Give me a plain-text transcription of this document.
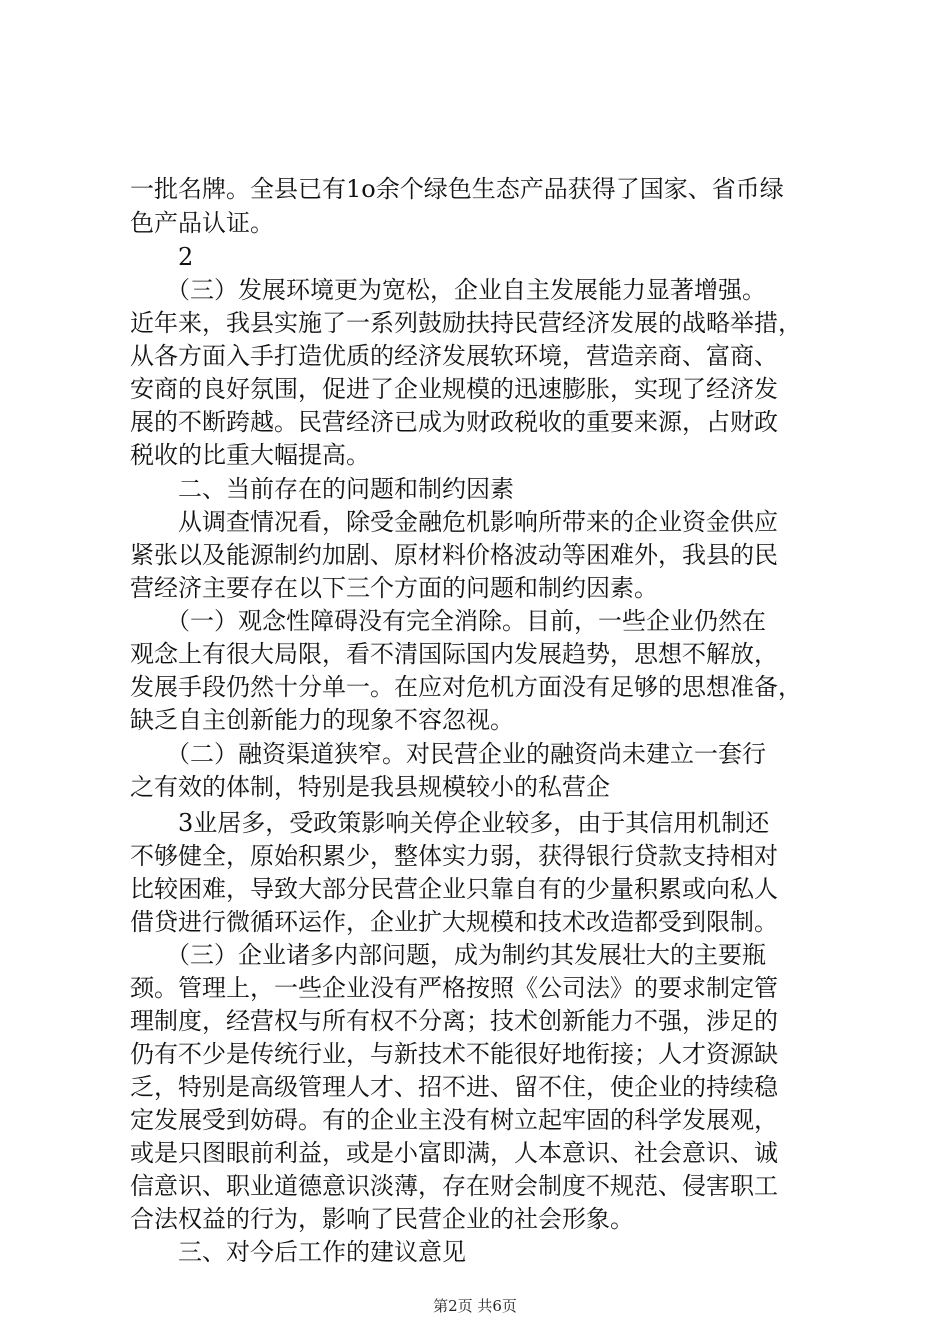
一批名牌。全县已有1o余个绿色生态产品获得了国家、省币绿
色产品认证。
　　2
　　（三）发展环境更为宽松，企业自主发展能力显著增强。
近年来，我县实施了一系列鼓励扶持民营经济发展的战略举措，
从各方面入手打造优质的经济发展软环境，营造亲商、富商、
安商的良好氛围，促进了企业规模的迅速膨胀，实现了经济发
展的不断跨越。民营经济已成为财政税收的重要来源，占财政
税收的比重大幅提高。
　　二、当前存在的问题和制约因素
　　从调查情况看，除受金融危机影响所带来的企业资金供应
紧张以及能源制约加剧、原材料价格波动等困难外，我县的民
营经济主要存在以下三个方面的问题和制约因素。
　　（一）观念性障碍没有完全消除。目前，一些企业仍然在
观念上有很大局限，看不清国际国内发展趋势，思想不解放，
发展手段仍然十分单一。在应对危机方面没有足够的思想准备，
缺乏自主创新能力的现象不容忽视。
　　（二）融资渠道狭窄。对民营企业的融资尚未建立一套行
之有效的体制，特别是我县规模较小的私营企
　　3业居多，受政策影响关停企业较多，由于其信用机制还
不够健全，原始积累少，整体实力弱，获得银行贷款支持相对
比较困难，导致大部分民营企业只靠自有的少量积累或向私人
借贷进行微循环运作，企业扩大规模和技术改造都受到限制。
　　（三）企业诸多内部问题，成为制约其发展壮大的主要瓶
颈。管理上，一些企业没有严格按照《公司法》的要求制定管
理制度，经营权与所有权不分离；技术创新能力不强，涉足的
仍有不少是传统行业，与新技术不能很好地衔接；人才资源缺
乏，特别是高级管理人才、招不进、留不住，使企业的持续稳
定发展受到妨碍。有的企业主没有树立起牢固的科学发展观，
或是只图眼前利益，或是小富即满，人本意识、社会意识、诚
信意识、职业道德意识淡薄，存在财会制度不规范、侵害职工
合法权益的行为，影响了民营企业的社会形象。
　　三、对今后工作的建议意见
第2页 共6页
